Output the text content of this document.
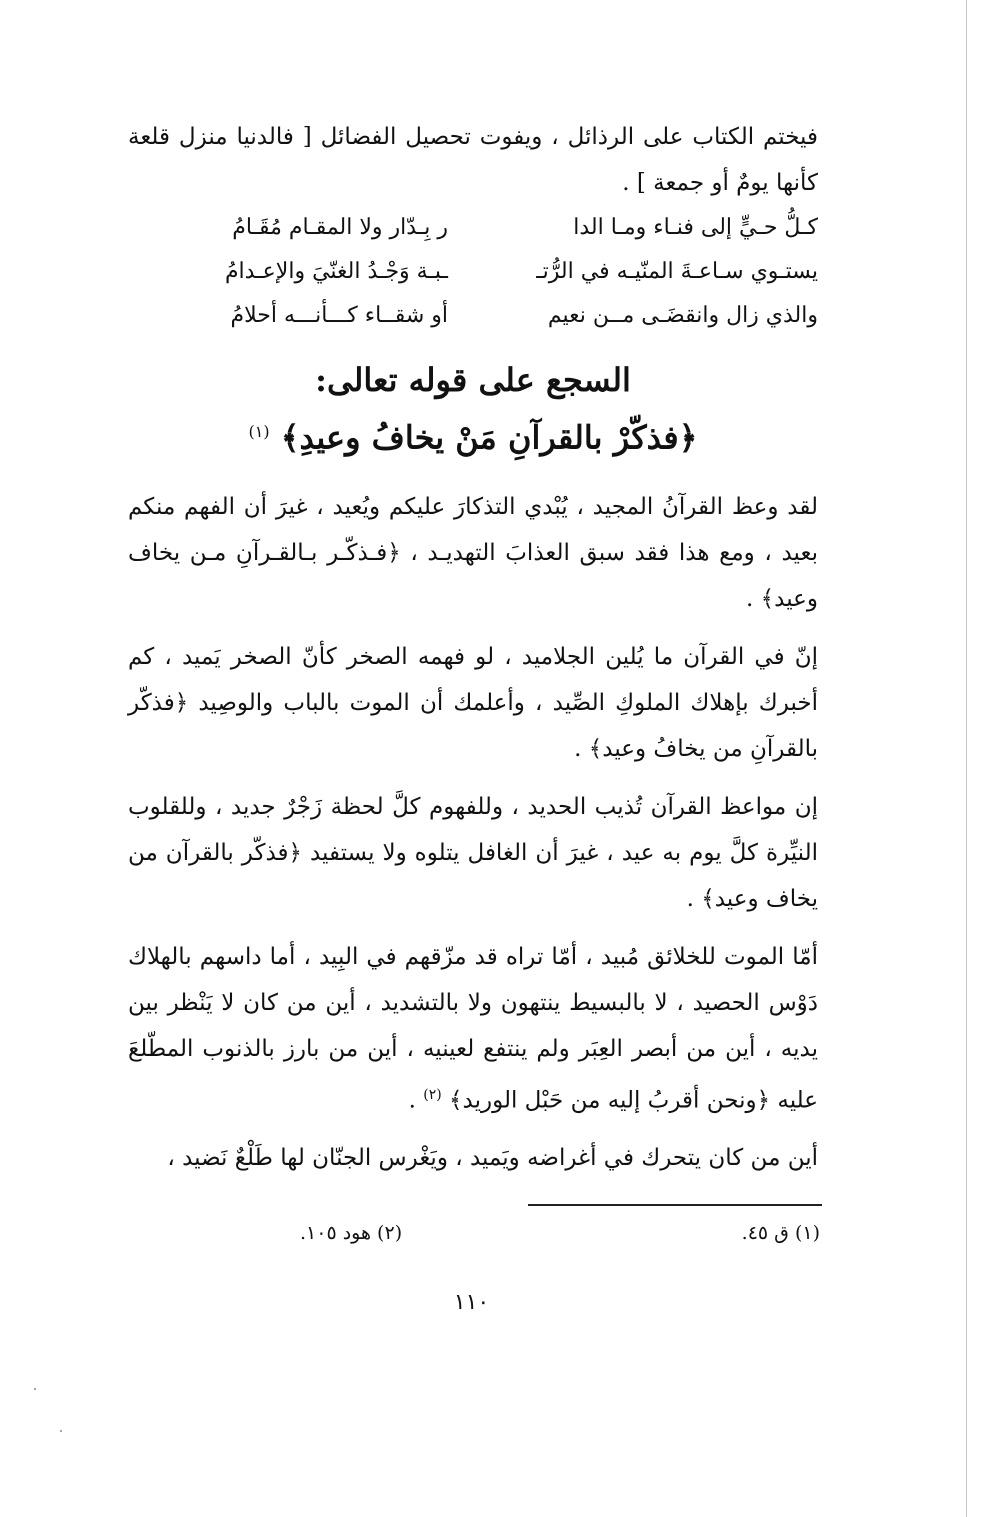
فيختم الكتاب على الرذائل ، ويفوت تحصيل الفضائل [ فالدنيا منزل قلعة كأنها يومٌ أو جمعة ] .

كـلُّ حـيٍّ إلى فنـاء ومـا الدا
ر بِـدّار ولا المقـام مُقَـامُ
يستـوي سـاعـةَ المنّيـه في الرُّتـ
ـبـة وَجْـدُ الغنّيَ والإعـدامُ
والذي زال وانقضَـى مــن نعيم
أو شقــاء كـــأنـــه أحلامُ
السجع على قوله تعالى:
﴿فذكّرْ بالقرآنِ مَنْ يخافُ وعيدِ﴾ $^{(١)}$

لقد وعظ القرآنُ المجيد ، يُبْدي التذكارَ عليكم ويُعيد ، غيرَ أن الفهم منكم بعيد ، ومع هذا فقد سبق العذابَ التهديـد ، ﴿فـذكّـر بـالقـرآنِ مـن يخاف وعيد﴾ .

إنّ في القرآن ما يُلين الجلاميد ، لو فهمه الصخر كأنّ الصخر يَميد ، كم أخبرك بإهلاك الملوكِ الصِّيد ، وأعلمك أن الموت بالباب والوصِيد ﴿فذكّر بالقرآنِ من يخافُ وعيد﴾ .

إن مواعظ القرآن تُذيب الحديد ، وللفهوم كلَّ لحظة زَجْرٌ جديد ، وللقلوب النيِّرة كلَّ يوم به عيد ، غيرَ أن الغافل يتلوه ولا يستفيد ﴿فذكّر بالقرآن من يخاف وعيد﴾ .

أمّا الموت للخلائق مُبيد ، أمّا تراه قد مزّقهم في البِيد ، أما داسهم بالهلاك دَوْس الحصيد ، لا بالبسيط ينتهون ولا بالتشديد ، أين من كان لا يَنْظر بين يديه ، أين من أبصر العِبَر ولم ينتفع لعينيه ، أين من بارز بالذنوب المطّلعَ عليه ﴿ونحن أقربُ إليه من حَبْل الوريد﴾ $^{(٢)}$ .

أين من كان يتحرك في أغراضه ويَميد ، ويَغْرس الجنّان لها طَلْعٌ نَضيد ،

(١) ق ٤٥.
(٢) هود ١٠٥.
١١٠
